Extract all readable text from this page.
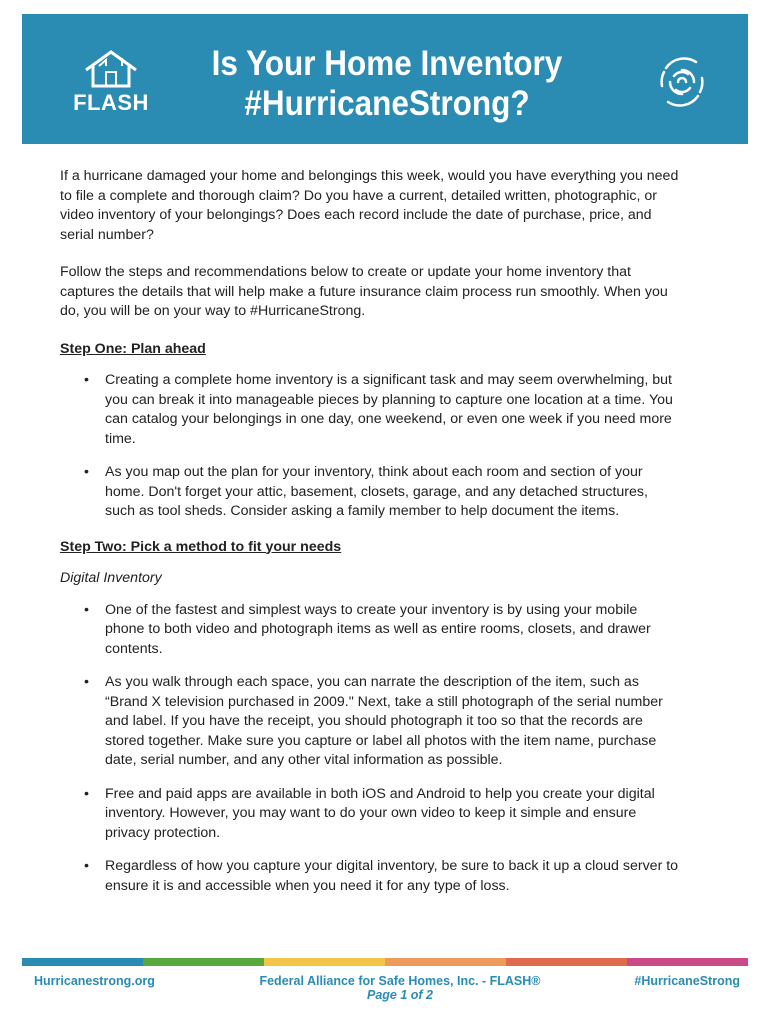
FLASH
Is Your Home Inventory
#HurricaneStrong?

If a hurricane damaged your home and belongings this week, would you have everything you need to file a complete and thorough claim? Do you have a current, detailed written, photographic, or video inventory of your belongings? Does each record include the date of purchase, price, and serial number?

Follow the steps and recommendations below to create or update your home inventory that captures the details that will help make a future insurance claim process run smoothly. When you do, you will be on your way to #HurricaneStrong.

Step One: Plan ahead
• Creating a complete home inventory is a significant task and may seem overwhelming, but you can break it into manageable pieces by planning to capture one location at a time. You can catalog your belongings in one day, one weekend, or even one week if you need more time.
• As you map out the plan for your inventory, think about each room and section of your home. Don't forget your attic, basement, closets, garage, and any detached structures, such as tool sheds. Consider asking a family member to help document the items.
Step Two: Pick a method to fit your needs
Digital Inventory
• One of the fastest and simplest ways to create your inventory is by using your mobile phone to both video and photograph items as well as entire rooms, closets, and drawer contents.
• As you walk through each space, you can narrate the description of the item, such as “Brand X television purchased in 2009." Next, take a still photograph of the serial number and label. If you have the receipt, you should photograph it too so that the records are stored together. Make sure you capture or label all photos with the item name, purchase date, serial number, and any other vital information as possible.
• Free and paid apps are available in both iOS and Android to help you create your digital inventory. However, you may want to do your own video to keep it simple and ensure privacy protection.
• Regardless of how you capture your digital inventory, be sure to back it up a cloud server to ensure it is and accessible when you need it for any type of loss.
Hurricanestrong.org	Federal Alliance for Safe Homes, Inc. - FLASH®
Page 1 of 2
#HurricaneStrong
